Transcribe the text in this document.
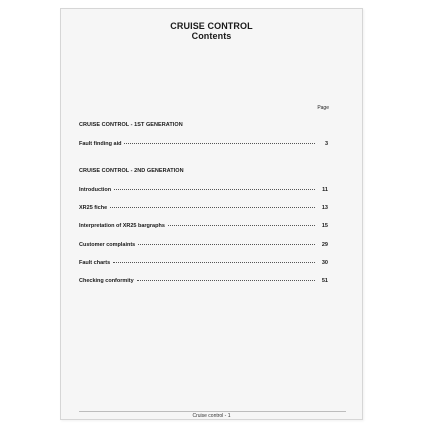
CRUISE CONTROL
Contents
Page
CRUISE CONTROL - 1ST GENERATION
Fault finding aid	3
CRUISE CONTROL - 2ND GENERATION
Introduction	11
XR25 fiche	13
Interpretation of XR25 bargraphs	15
Customer complaints	29
Fault charts	30
Checking conformity	51
Cruise control - 1
